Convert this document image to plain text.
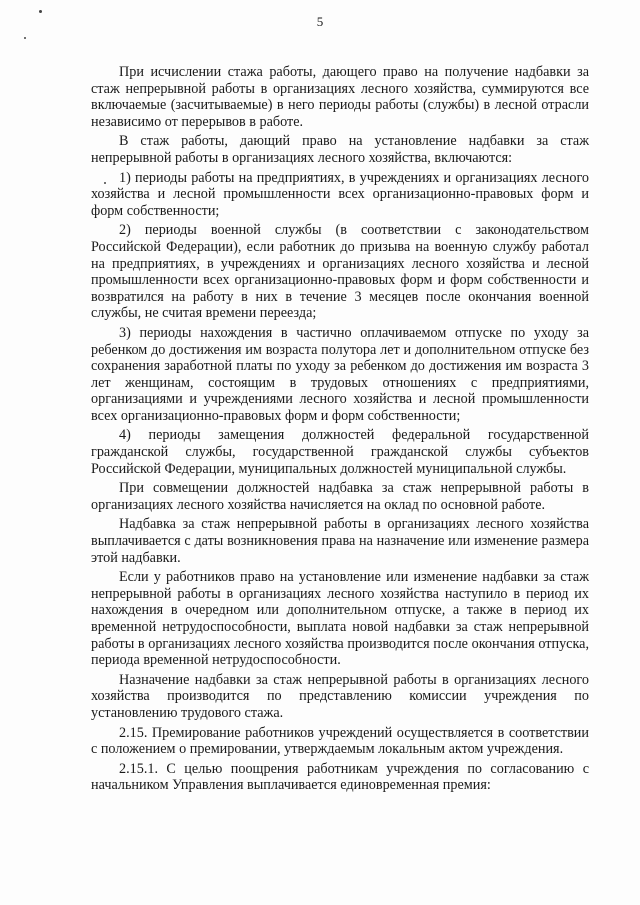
5

При исчислении стажа работы, дающего право на получение надбавки за стаж непрерывной работы в организациях лесного хозяйства, суммируются все включаемые (засчитываемые) в него периоды работы (службы) в лесной отрасли независимо от перерывов в работе.

В стаж работы, дающий право на установление надбавки за стаж непрерывной работы в организациях лесного хозяйства, включаются:

1) периоды работы на предприятиях, в учреждениях и организациях лесного хозяйства и лесной промышленности всех организационно-правовых форм и форм собственности;

2) периоды военной службы (в соответствии с законодательством Российской Федерации), если работник до призыва на военную службу работал на предприятиях, в учреждениях и организациях лесного хозяйства и лесной промышленности всех организационно-правовых форм и форм собственности и возвратился на работу в них в течение 3 месяцев после окончания военной службы, не считая времени переезда;

3) периоды нахождения в частично оплачиваемом отпуске по уходу за ребенком до достижения им возраста полутора лет и дополнительном отпуске без сохранения заработной платы по уходу за ребенком до достижения им возраста 3 лет женщинам, состоящим в трудовых отношениях с предприятиями, организациями и учреждениями лесного хозяйства и лесной промышленности всех организационно-правовых форм и форм собственности;

4) периоды замещения должностей федеральной государственной гражданской службы, государственной гражданской службы субъектов Российской Федерации, муниципальных должностей муниципальной службы.

При совмещении должностей надбавка за стаж непрерывной работы в организациях лесного хозяйства начисляется на оклад по основной работе.

Надбавка за стаж непрерывной работы в организациях лесного хозяйства выплачивается с даты возникновения права на назначение или изменение размера этой надбавки.

Если у работников право на установление или изменение надбавки за стаж непрерывной работы в организациях лесного хозяйства наступило в период их нахождения в очередном или дополнительном отпуске, а также в период их временной нетрудоспособности, выплата новой надбавки за стаж непрерывной работы в организациях лесного хозяйства производится после окончания отпуска, периода временной нетрудоспособности.

Назначение надбавки за стаж непрерывной работы в организациях лесного хозяйства производится по представлению комиссии учреждения по установлению трудового стажа.

2.15. Премирование работников учреждений осуществляется в соответствии с положением о премировании, утверждаемым локальным актом учреждения.

2.15.1. С целью поощрения работникам учреждения по согласованию с начальником Управления выплачивается единовременная премия:
